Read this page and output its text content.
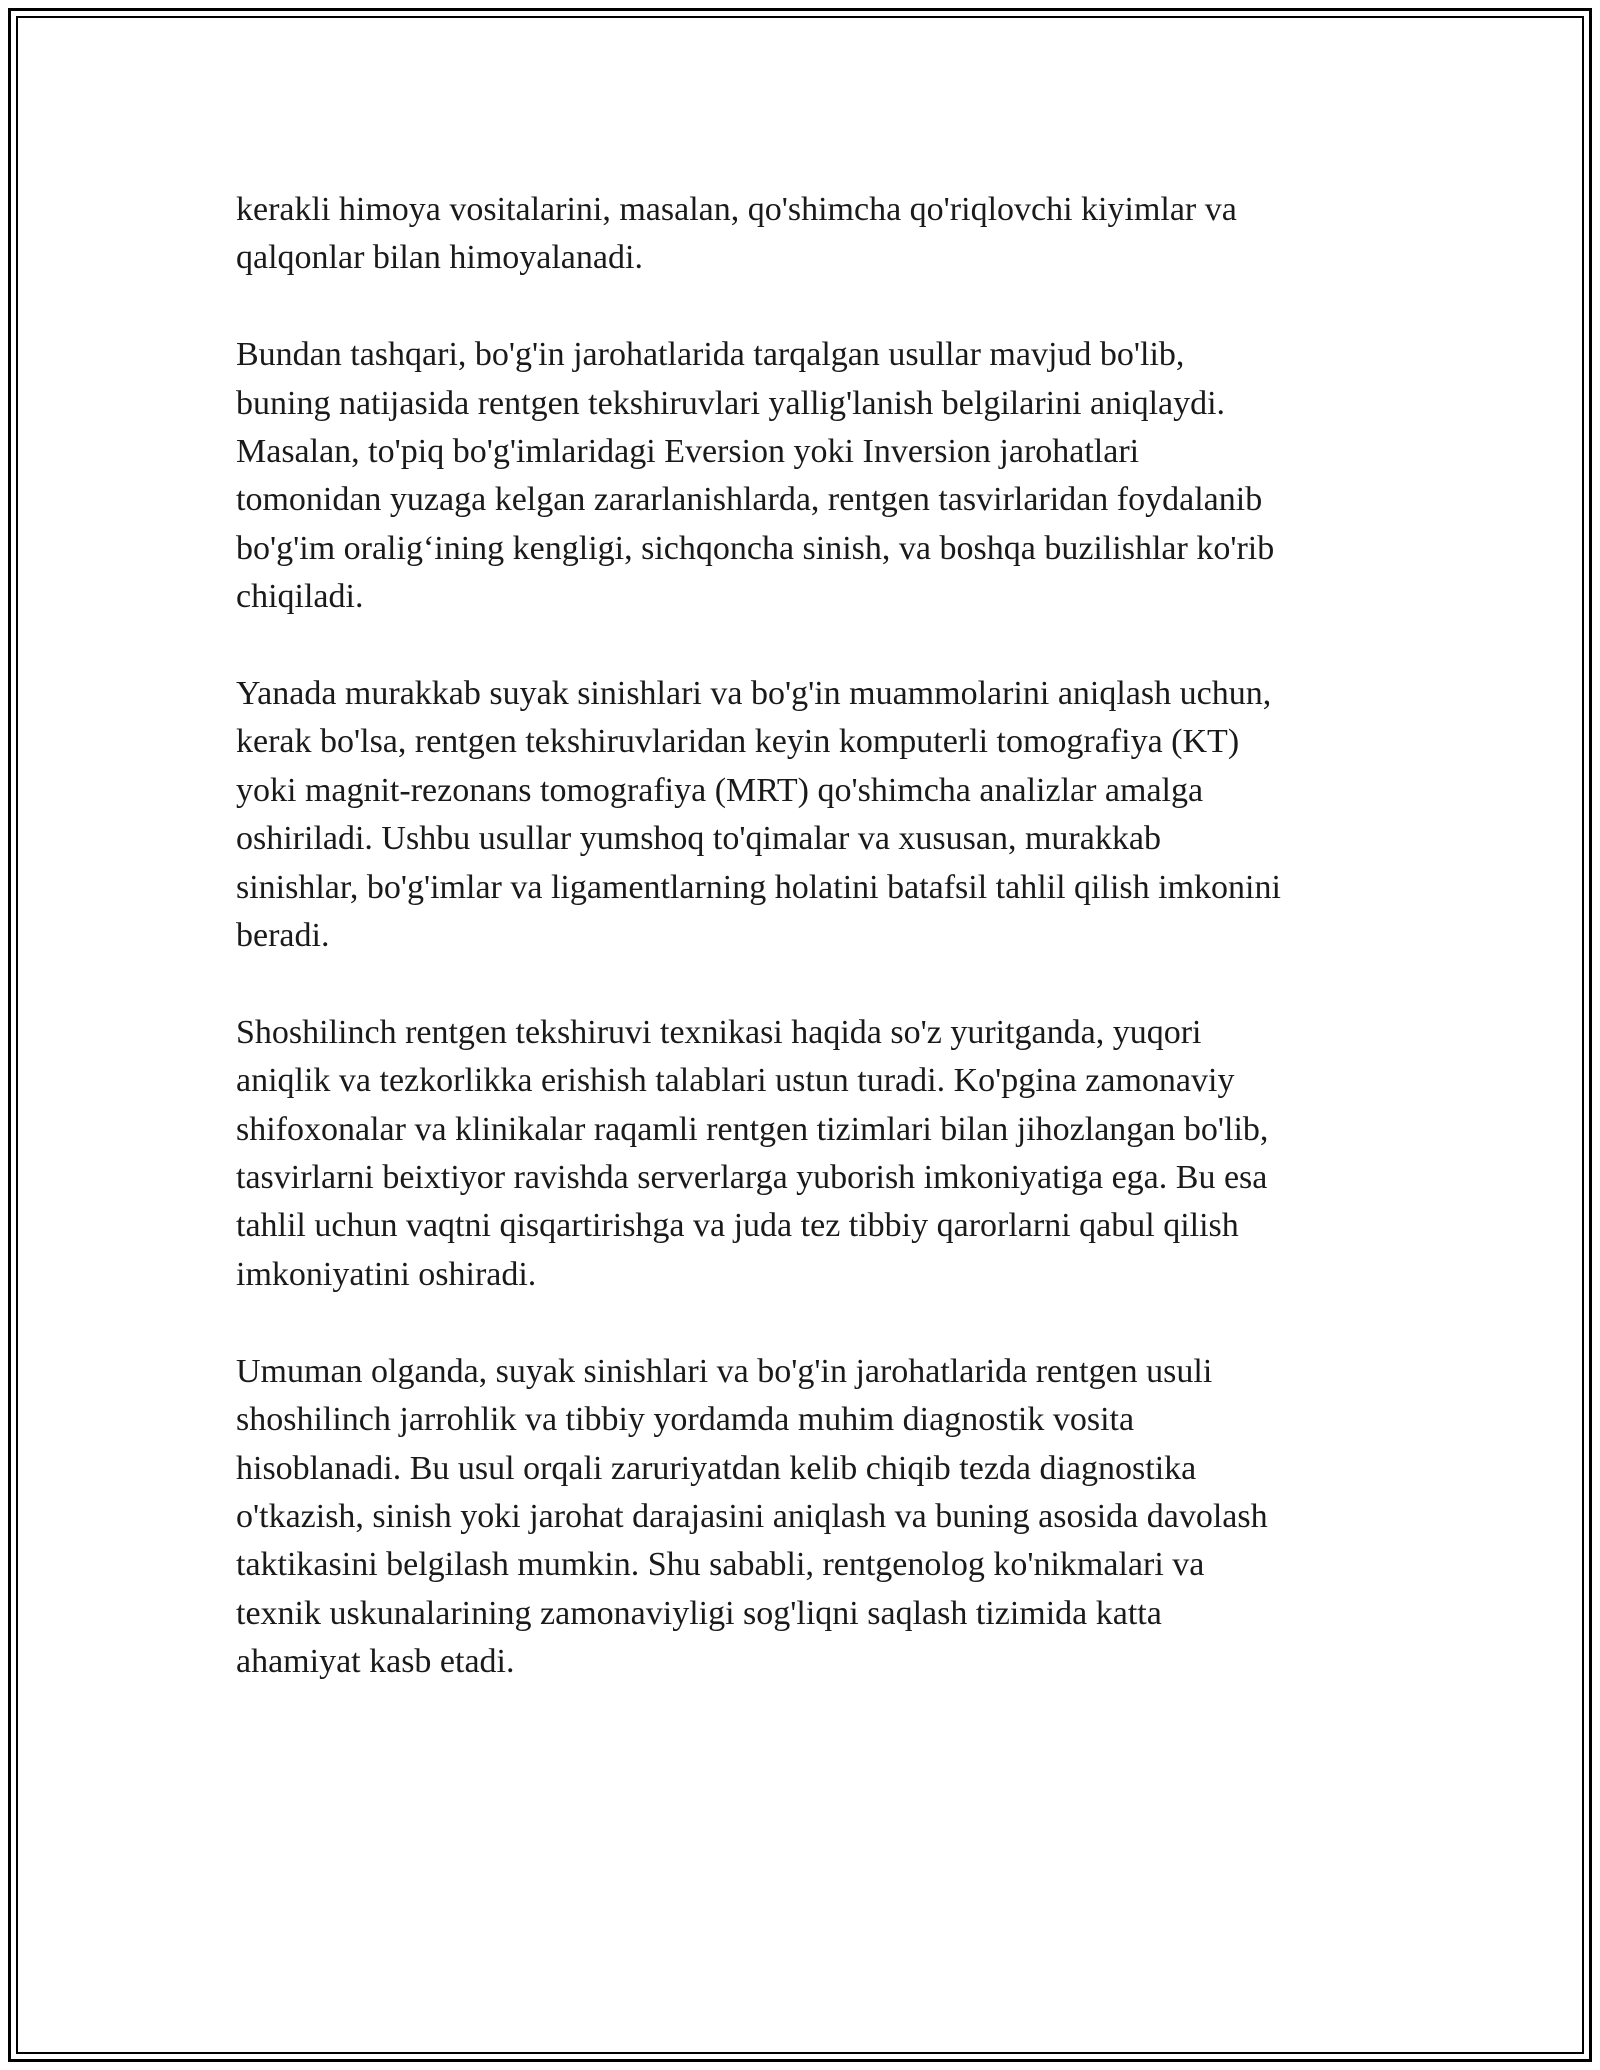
kerakli himoya vositalarini, masalan, qo'shimcha qo'riqlovchi kiyimlar va
qalqonlar bilan himoyalanadi.

Bundan tashqari, bo'g'in jarohatlarida tarqalgan usullar mavjud bo'lib,
buning natijasida rentgen tekshiruvlari yallig'lanish belgilarini aniqlaydi.
Masalan, to'piq bo'g'imlaridagi Eversion yoki Inversion jarohatlari
tomonidan yuzaga kelgan zararlanishlarda, rentgen tasvirlaridan foydalanib
bo'g'im oralig‘ining kengligi, sichqoncha sinish, va boshqa buzilishlar ko'rib
chiqiladi.

Yanada murakkab suyak sinishlari va bo'g'in muammolarini aniqlash uchun,
kerak bo'lsa, rentgen tekshiruvlaridan keyin komputerli tomografiya (KT)
yoki magnit-rezonans tomografiya (MRT) qo'shimcha analizlar amalga
oshiriladi. Ushbu usullar yumshoq to'qimalar va xususan, murakkab
sinishlar, bo'g'imlar va ligamentlarning holatini batafsil tahlil qilish imkonini
beradi.

Shoshilinch rentgen tekshiruvi texnikasi haqida so'z yuritganda, yuqori
aniqlik va tezkorlikka erishish talablari ustun turadi. Ko'pgina zamonaviy
shifoxonalar va klinikalar raqamli rentgen tizimlari bilan jihozlangan bo'lib,
tasvirlarni beixtiyor ravishda serverlarga yuborish imkoniyatiga ega. Bu esa
tahlil uchun vaqtni qisqartirishga va juda tez tibbiy qarorlarni qabul qilish
imkoniyatini oshiradi.

Umuman olganda, suyak sinishlari va bo'g'in jarohatlarida rentgen usuli
shoshilinch jarrohlik va tibbiy yordamda muhim diagnostik vosita
hisoblanadi. Bu usul orqali zaruriyatdan kelib chiqib tezda diagnostika
o'tkazish, sinish yoki jarohat darajasini aniqlash va buning asosida davolash
taktikasini belgilash mumkin. Shu sababli, rentgenolog ko'nikmalari va
texnik uskunalarining zamonaviyligi sog'liqni saqlash tizimida katta
ahamiyat kasb etadi.
